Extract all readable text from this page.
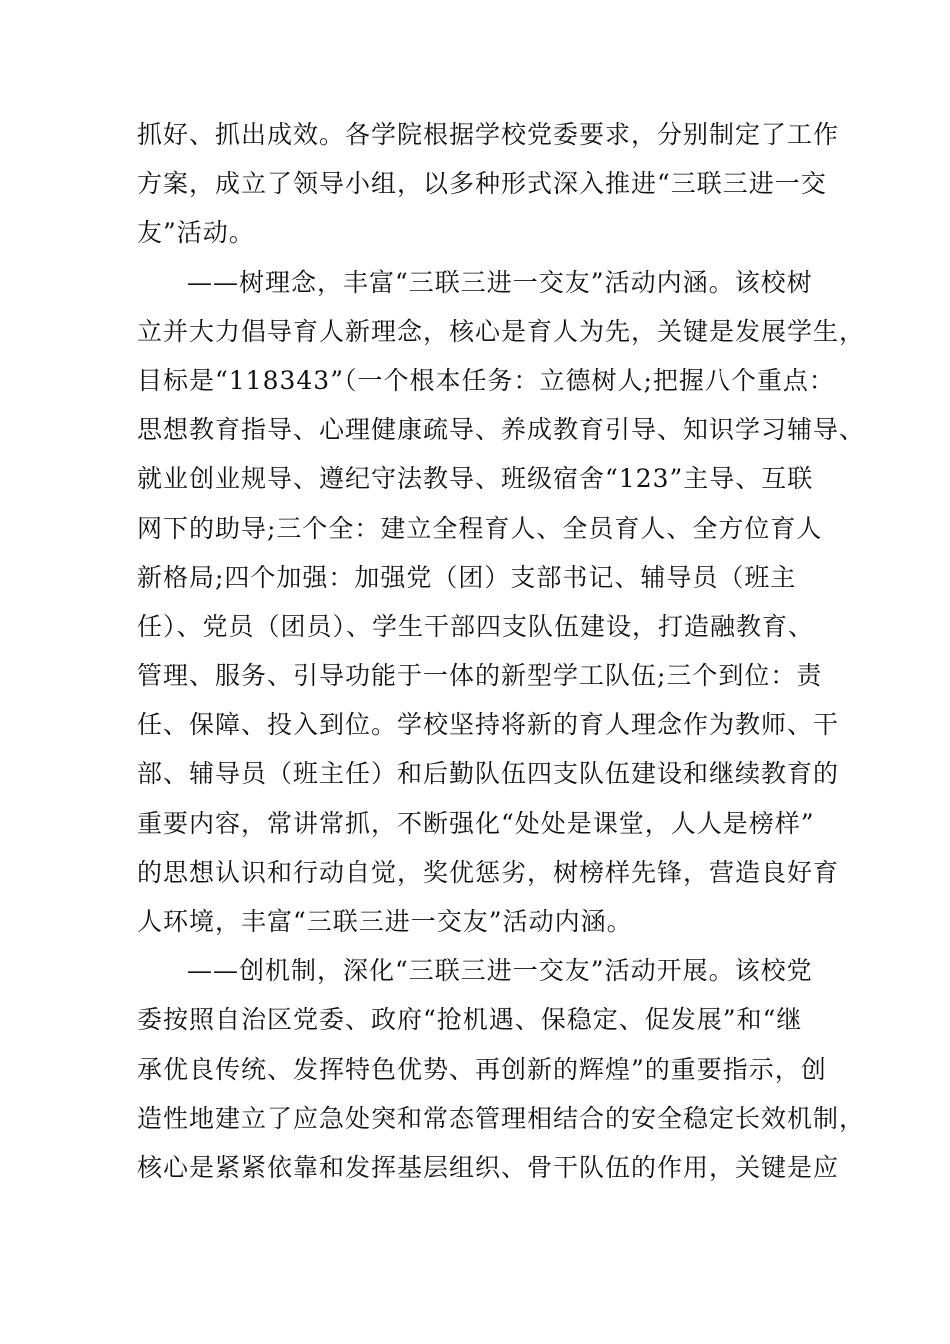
抓好、抓出成效。各学院根据学校党委要求，分别制定了工作
方案，成立了领导小组，以多种形式深入推进“三联三进一交
友”活动。
——树理念，丰富“三联三进一交友”活动内涵。该校树
立并大力倡导育人新理念，核心是育人为先，关键是发展学生，
目标是“118343”（一个根本任务：立德树人;把握八个重点：
思想教育指导、心理健康疏导、养成教育引导、知识学习辅导、
就业创业规导、遵纪守法教导、班级宿舍“123”主导、互联
网下的助导;三个全：建立全程育人、全员育人、全方位育人
新格局;四个加强：加强党（团）支部书记、辅导员（班主
任）、党员（团员）、学生干部四支队伍建设，打造融教育、
管理、服务、引导功能于一体的新型学工队伍;三个到位：责
任、保障、投入到位。学校坚持将新的育人理念作为教师、干
部、辅导员（班主任）和后勤队伍四支队伍建设和继续教育的
重要内容，常讲常抓，不断强化“处处是课堂，人人是榜样”
的思想认识和行动自觉，奖优惩劣，树榜样先锋，营造良好育
人环境，丰富“三联三进一交友”活动内涵。
——创机制，深化“三联三进一交友”活动开展。该校党
委按照自治区党委、政府“抢机遇、保稳定、促发展”和“继
承优良传统、发挥特色优势、再创新的辉煌”的重要指示，创
造性地建立了应急处突和常态管理相结合的安全稳定长效机制，
核心是紧紧依靠和发挥基层组织、骨干队伍的作用，关键是应
